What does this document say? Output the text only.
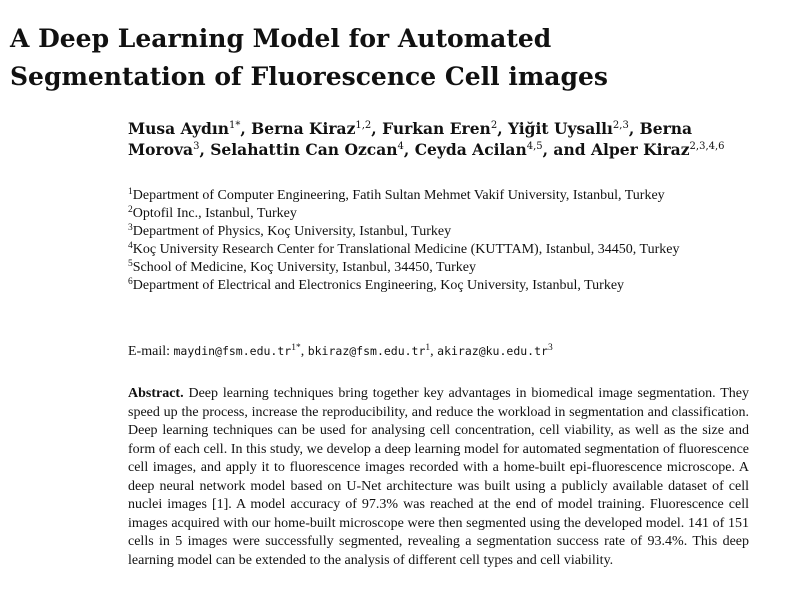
A Deep Learning Model for Automated
Segmentation of Fluorescence Cell images

Musa Aydın$^{1*}$, Berna Kiraz$^{1,2}$, Furkan Eren$^2$, Yiğit Uysallı$^{2,3}$, Berna Morova$^3$, Selahattin Can Ozcan$^4$, Ceyda Acilan$^{4,5}$, and Alper Kiraz$^{2,3,4,6}$

$^1$Department of Computer Engineering, Fatih Sultan Mehmet Vakif University, Istanbul, Turkey
$^2$Optofil Inc., Istanbul, Turkey
$^3$Department of Physics, Koç University, Istanbul, Turkey
$^4$Koç University Research Center for Translational Medicine (KUTTAM), Istanbul, 34450, Turkey
$^5$School of Medicine, Koç University, Istanbul, 34450, Turkey
$^6$Department of Electrical and Electronics Engineering, Koç University, Istanbul, Turkey

E-mail: $maydin@fsm.edu.tr^{1*}$, $bkiraz@fsm.edu.tr^1$, $akiraz@ku.edu.tr^3$

Abstract. Deep learning techniques bring together key advantages in biomedical image segmentation. They speed up the process, increase the reproducibility, and reduce the workload in segmentation and classification. Deep learning techniques can be used for analysing cell concentration, cell viability, as well as the size and form of each cell. In this study, we develop a deep learning model for automated segmentation of fluorescence cell images, and apply it to fluorescence images recorded with a home-built epi-fluorescence microscope. A deep neural network model based on U-Net architecture was built using a publicly available dataset of cell nuclei images [1]. A model accuracy of 97.3% was reached at the end of model training. Fluorescence cell images acquired with our home-built microscope were then segmented using the developed model. 141 of 151 cells in 5 images were successfully segmented, revealing a segmentation success rate of 93.4%. This deep learning model can be extended to the analysis of different cell types and cell viability.
